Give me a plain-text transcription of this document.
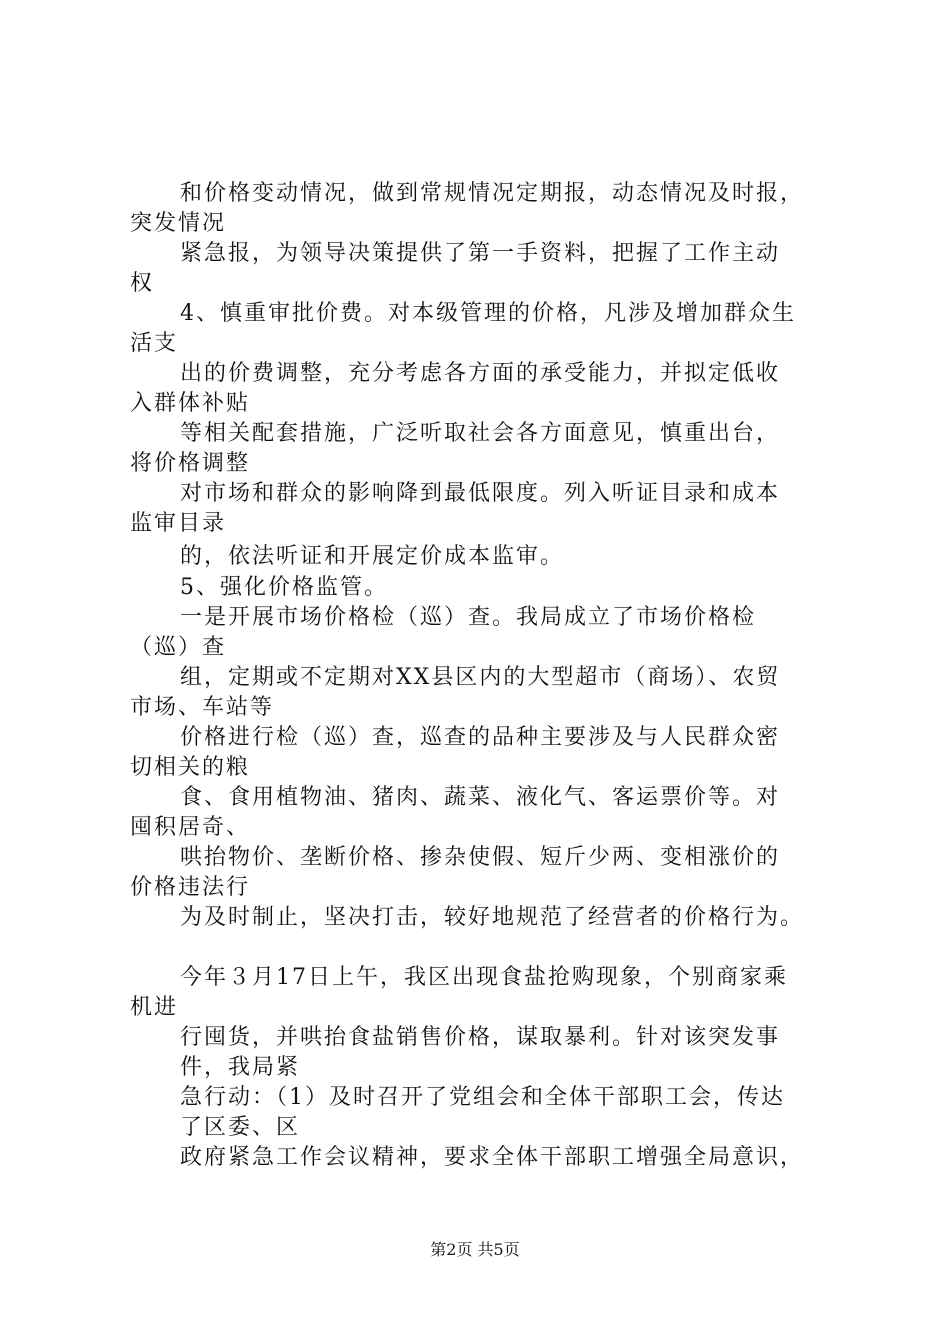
和价格变动情况，做到常规情况定期报，动态情况及时报，
突发情况
紧急报，为领导决策提供了第一手资料，把握了工作主动
权
4、慎重审批价费。对本级管理的价格，凡涉及增加群众生
活支
出的价费调整，充分考虑各方面的承受能力，并拟定低收
入群体补贴
等相关配套措施，广泛听取社会各方面意见，慎重出台，
将价格调整
对市场和群众的影响降到最低限度。列入听证目录和成本
监审目录
的，依法听证和开展定价成本监审。
5、强化价格监管。
一是开展市场价格检（巡）查。我局成立了市场价格检
（巡）查
组，定期或不定期对XX县区内的大型超市（商场）、农贸
市场、车站等
价格进行检（巡）查，巡查的品种主要涉及与人民群众密
切相关的粮
食、食用植物油、猪肉、蔬菜、液化气、客运票价等。对
囤积居奇、
哄抬物价、垄断价格、掺杂使假、短斤少两、变相涨价的
价格违法行
为及时制止，坚决打击，较好地规范了经营者的价格行为。
今年３月17日上午，我区出现食盐抢购现象，个别商家乘
机进
行囤货，并哄抬食盐销售价格，谋取暴利。针对该突发事
件，我局紧
急行动：（1）及时召开了党组会和全体干部职工会，传达
了区委、区
政府紧急工作会议精神，要求全体干部职工增强全局意识，
第2页 共5页
